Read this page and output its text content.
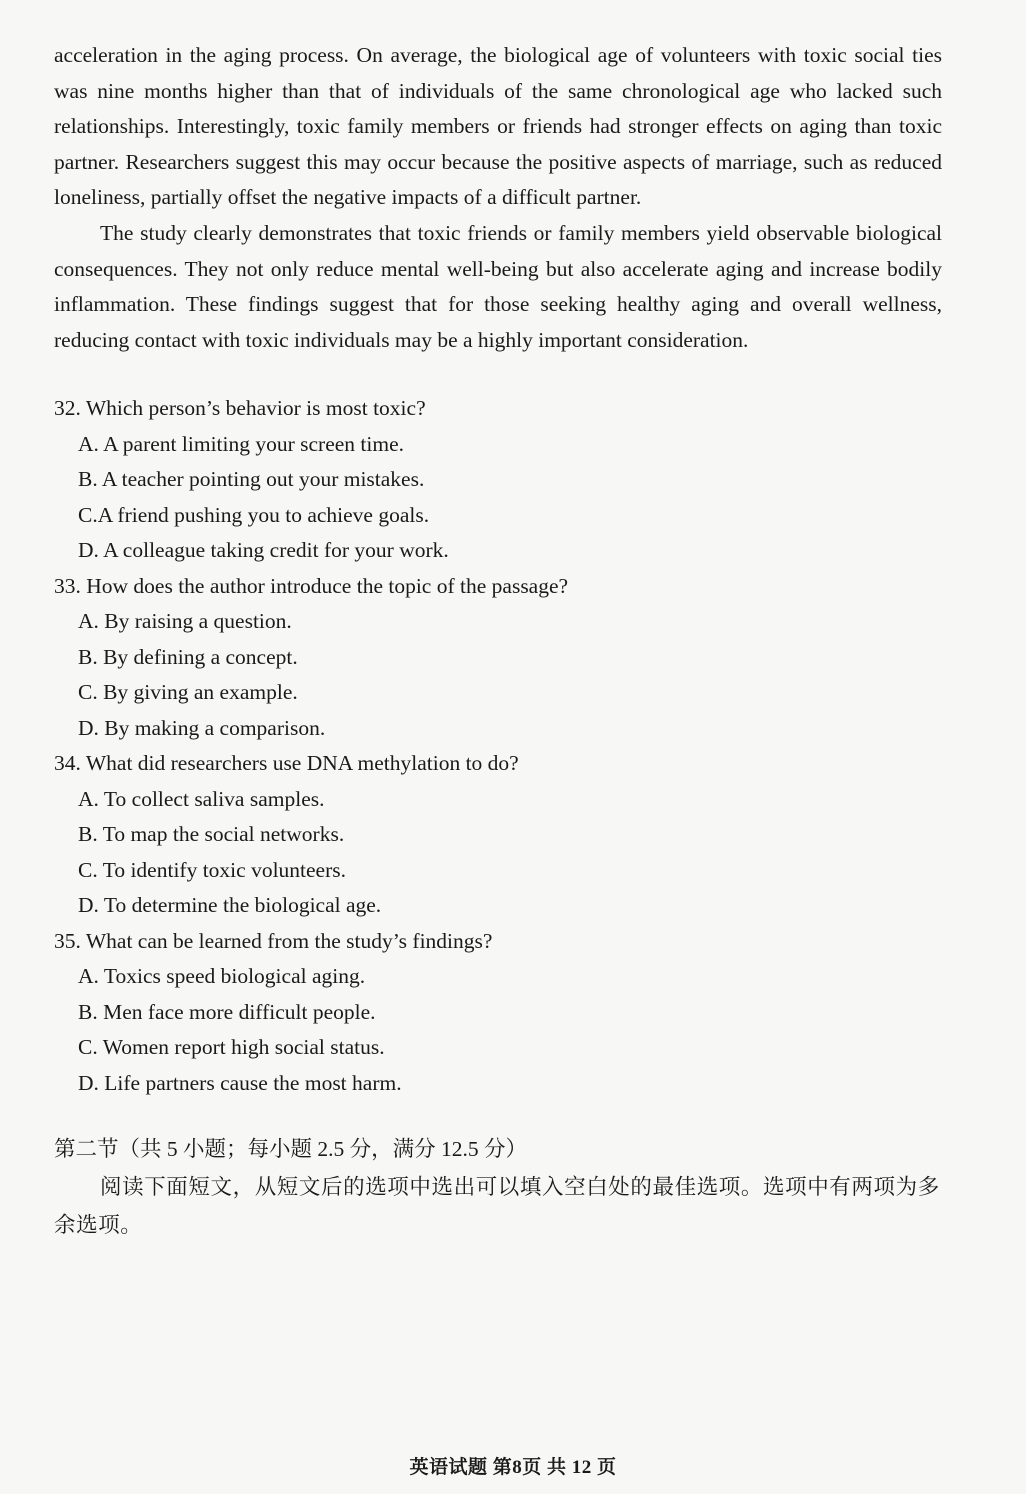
acceleration in the aging process. On average, the biological age of volunteers with toxic social ties was nine months higher than that of individuals of the same chronological age who lacked such relationships. Interestingly, toxic family members or friends had stronger effects on aging than toxic partner. Researchers suggest this may occur because the positive aspects of marriage, such as reduced loneliness, partially offset the negative impacts of a difficult partner.

The study clearly demonstrates that toxic friends or family members yield observable biological consequences. They not only reduce mental well-being but also accelerate aging and increase bodily inflammation. These findings suggest that for those seeking healthy aging and overall wellness, reducing contact with toxic individuals may be a highly important consideration.

32. Which person’s behavior is most toxic?

A. A parent limiting your screen time.

B. A teacher pointing out your mistakes.

C.A friend pushing you to achieve goals.

D. A colleague taking credit for your work.

33. How does the author introduce the topic of the passage?

A. By raising a question.

B. By defining a concept.

C. By giving an example.

D. By making a comparison.

34. What did researchers use DNA methylation to do?

A. To collect saliva samples.

B. To map the social networks.

C. To identify toxic volunteers.

D. To determine the biological age.

35. What can be learned from the study’s findings?

A. Toxics speed biological aging.

B. Men face more difficult people.

C. Women report high social status.

D. Life partners cause the most harm.

第二节（共 5 小题；每小题 2.5 分，满分 12.5 分）

阅读下面短文，从短文后的选项中选出可以填入空白处的最佳选项。选项中有两项为多余选项。

英语试题 第8页 共 12 页
